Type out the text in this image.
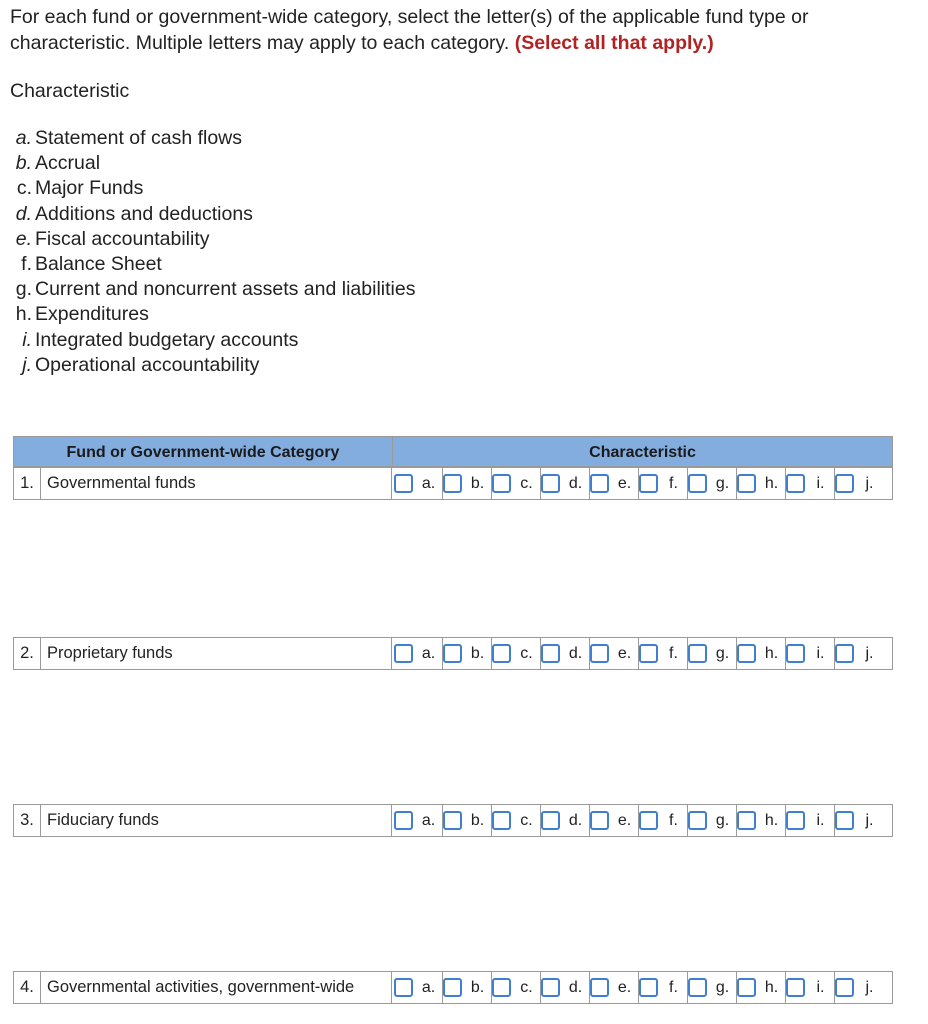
For each fund or government-wide category, select the letter(s) of the applicable fund type or characteristic. Multiple letters may apply to each category. (Select all that apply.)

Characteristic
a. Statement of cash flows
b. Accrual
c. Major Funds
d. Additions and deductions
e. Fiscal accountability
f. Balance Sheet
g. Current and noncurrent assets and liabilities
h. Expenditures
i. Integrated budgetary accounts
j. Operational accountability
Fund or Government-wide Category	Characteristic
1. Governmental funds	a.	b.	c.	d.	e.	f.	g.	h.	i.	j.
2. Proprietary funds	a.	b.	c.	d.	e.	f.	g.	h.	i.	j.
3. Fiduciary funds	a.	b.	c.	d.	e.	f.	g.	h.	i.	j.
4. Governmental activities, government-wide	a.	b.	c.	d.	e.	f.	g.	h.	i.	j.
